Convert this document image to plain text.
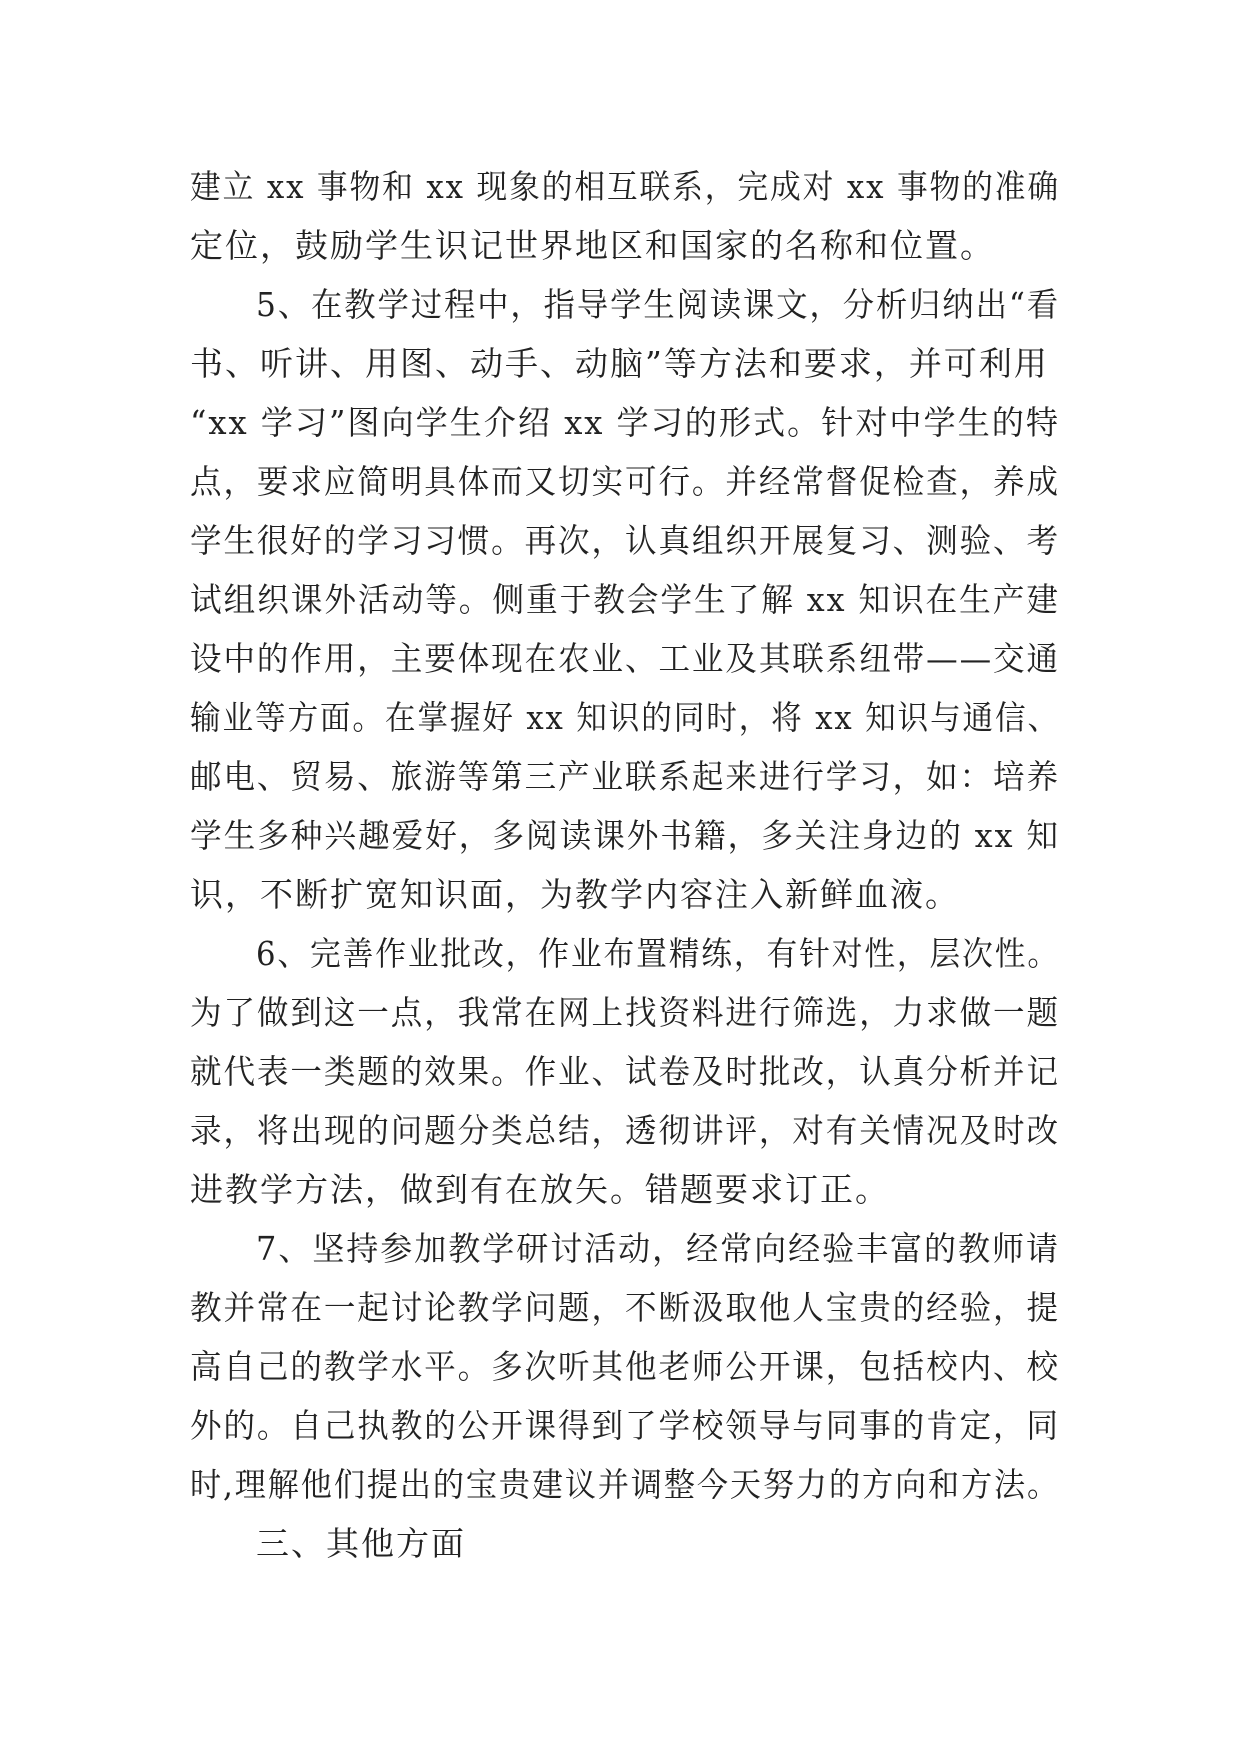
建立 xx 事物和 xx 现象的相互联系，完成对 xx 事物的准确
定位，鼓励学生识记世界地区和国家的名称和位置。
5、在教学过程中，指导学生阅读课文，分析归纳出“看
书、听讲、用图、动手、动脑”等方法和要求，并可利用
“xx 学习”图向学生介绍 xx 学习的形式。针对中学生的特
点，要求应简明具体而又切实可行。并经常督促检查，养成
学生很好的学习习惯。再次，认真组织开展复习、测验、考
试组织课外活动等。侧重于教会学生了解 xx 知识在生产建
设中的作用，主要体现在农业、工业及其联系纽带——交通
输业等方面。在掌握好 xx 知识的同时，将 xx 知识与通信、
邮电、贸易、旅游等第三产业联系起来进行学习，如：培养
学生多种兴趣爱好，多阅读课外书籍，多关注身边的 xx 知
识，不断扩宽知识面，为教学内容注入新鲜血液。
6、完善作业批改，作业布置精练，有针对性，层次性。
为了做到这一点，我常在网上找资料进行筛选，力求做一题
就代表一类题的效果。作业、试卷及时批改，认真分析并记
录，将出现的问题分类总结，透彻讲评，对有关情况及时改
进教学方法，做到有在放矢。错题要求订正。
7、坚持参加教学研讨活动，经常向经验丰富的教师请
教并常在一起讨论教学问题，不断汲取他人宝贵的经验，提
高自己的教学水平。多次听其他老师公开课，包括校内、校
外的。自己执教的公开课得到了学校领导与同事的肯定，同
时,理解他们提出的宝贵建议并调整今天努力的方向和方法。
三、其他方面
